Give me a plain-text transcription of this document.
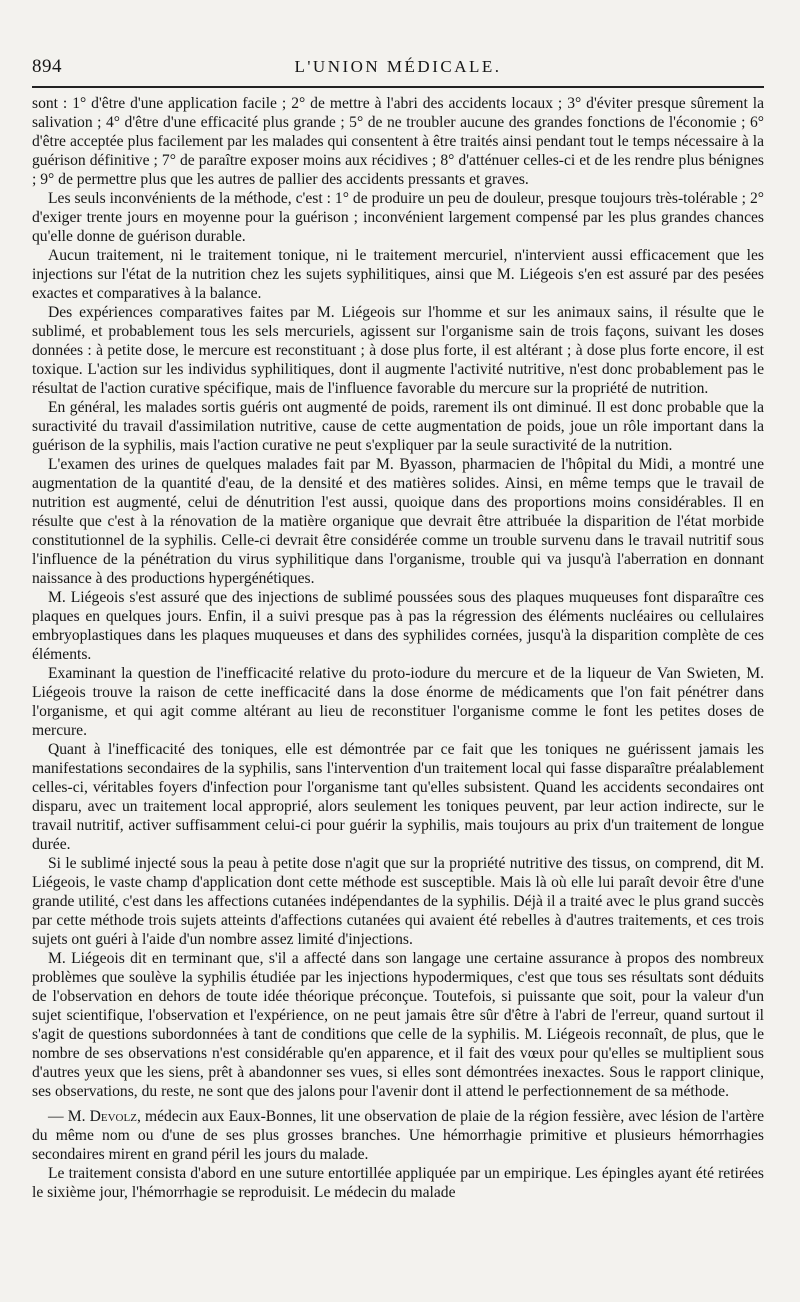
894	L'UNION MÉDICALE.

sont : 1° d'être d'une application facile ; 2° de mettre à l'abri des accidents locaux ; 3° d'éviter presque sûrement la salivation ; 4° d'être d'une efficacité plus grande ; 5° de ne troubler aucune des grandes fonctions de l'économie ; 6° d'être acceptée plus facilement par les malades qui consentent à être traités ainsi pendant tout le temps nécessaire à la guérison définitive ; 7° de paraître exposer moins aux récidives ; 8° d'atténuer celles-ci et de les rendre plus bénignes ; 9° de permettre plus que les autres de pallier des accidents pressants et graves.

Les seuls inconvénients de la méthode, c'est : 1° de produire un peu de douleur, presque toujours très-tolérable ; 2° d'exiger trente jours en moyenne pour la guérison ; inconvénient largement compensé par les plus grandes chances qu'elle donne de guérison durable.

Aucun traitement, ni le traitement tonique, ni le traitement mercuriel, n'intervient aussi efficacement que les injections sur l'état de la nutrition chez les sujets syphilitiques, ainsi que M. Liégeois s'en est assuré par des pesées exactes et comparatives à la balance.

Des expériences comparatives faites par M. Liégeois sur l'homme et sur les animaux sains, il résulte que le sublimé, et probablement tous les sels mercuriels, agissent sur l'organisme sain de trois façons, suivant les doses données : à petite dose, le mercure est reconstituant ; à dose plus forte, il est altérant ; à dose plus forte encore, il est toxique. L'action sur les individus syphilitiques, dont il augmente l'activité nutritive, n'est donc probablement pas le résultat de l'action curative spécifique, mais de l'influence favorable du mercure sur la propriété de nutrition.

En général, les malades sortis guéris ont augmenté de poids, rarement ils ont diminué. Il est donc probable que la suractivité du travail d'assimilation nutritive, cause de cette augmentation de poids, joue un rôle important dans la guérison de la syphilis, mais l'action curative ne peut s'expliquer par la seule suractivité de la nutrition.

L'examen des urines de quelques malades fait par M. Byasson, pharmacien de l'hôpital du Midi, a montré une augmentation de la quantité d'eau, de la densité et des matières solides. Ainsi, en même temps que le travail de nutrition est augmenté, celui de dénutrition l'est aussi, quoique dans des proportions moins considérables. Il en résulte que c'est à la rénovation de la matière organique que devrait être attribuée la disparition de l'état morbide constitutionnel de la syphilis. Celle-ci devrait être considérée comme un trouble survenu dans le travail nutritif sous l'influence de la pénétration du virus syphilitique dans l'organisme, trouble qui va jusqu'à l'aberration en donnant naissance à des productions hypergénétiques.

M. Liégeois s'est assuré que des injections de sublimé poussées sous des plaques muqueuses font disparaître ces plaques en quelques jours. Enfin, il a suivi presque pas à pas la régression des éléments nucléaires ou cellulaires embryoplastiques dans les plaques muqueuses et dans des syphilides cornées, jusqu'à la disparition complète de ces éléments.

Examinant la question de l'inefficacité relative du proto-iodure du mercure et de la liqueur de Van Swieten, M. Liégeois trouve la raison de cette inefficacité dans la dose énorme de médicaments que l'on fait pénétrer dans l'organisme, et qui agit comme altérant au lieu de reconstituer l'organisme comme le font les petites doses de mercure.

Quant à l'inefficacité des toniques, elle est démontrée par ce fait que les toniques ne guérissent jamais les manifestations secondaires de la syphilis, sans l'intervention d'un traitement local qui fasse disparaître préalablement celles-ci, véritables foyers d'infection pour l'organisme tant qu'elles subsistent. Quand les accidents secondaires ont disparu, avec un traitement local approprié, alors seulement les toniques peuvent, par leur action indirecte, sur le travail nutritif, activer suffisamment celui-ci pour guérir la syphilis, mais toujours au prix d'un traitement de longue durée.

Si le sublimé injecté sous la peau à petite dose n'agit que sur la propriété nutritive des tissus, on comprend, dit M. Liégeois, le vaste champ d'application dont cette méthode est susceptible. Mais là où elle lui paraît devoir être d'une grande utilité, c'est dans les affections cutanées indépendantes de la syphilis. Déjà il a traité avec le plus grand succès par cette méthode trois sujets atteints d'affections cutanées qui avaient été rebelles à d'autres traitements, et ces trois sujets ont guéri à l'aide d'un nombre assez limité d'injections.

M. Liégeois dit en terminant que, s'il a affecté dans son langage une certaine assurance à propos des nombreux problèmes que soulève la syphilis étudiée par les injections hypodermiques, c'est que tous ses résultats sont déduits de l'observation en dehors de toute idée théorique préconçue. Toutefois, si puissante que soit, pour la valeur d'un sujet scientifique, l'observation et l'expérience, on ne peut jamais être sûr d'être à l'abri de l'erreur, quand surtout il s'agit de questions subordonnées à tant de conditions que celle de la syphilis. M. Liégeois reconnaît, de plus, que le nombre de ses observations n'est considérable qu'en apparence, et il fait des vœux pour qu'elles se multiplient sous d'autres yeux que les siens, prêt à abandonner ses vues, si elles sont démontrées inexactes. Sous le rapport clinique, ses observations, du reste, ne sont que des jalons pour l'avenir dont il attend le perfectionnement de sa méthode.

— M. Devolz, médecin aux Eaux-Bonnes, lit une observation de plaie de la région fessière, avec lésion de l'artère du même nom ou d'une de ses plus grosses branches. Une hémorrhagie primitive et plusieurs hémorrhagies secondaires mirent en grand péril les jours du malade.

Le traitement consista d'abord en une suture entortillée appliquée par un empirique. Les épingles ayant été retirées le sixième jour, l'hémorrhagie se reproduisit. Le médecin du malade
